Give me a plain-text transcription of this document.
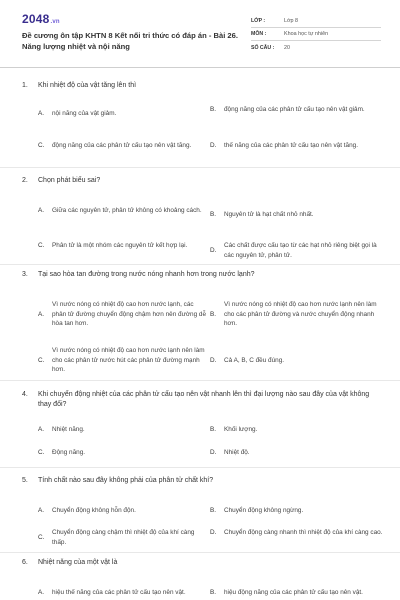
2048.vn
Đề cương ôn tập KHTN 8 Kết nối tri thức có đáp án - Bài 26. Năng lượng nhiệt và nội năng
LỚP :	Lớp 8
MÔN :	Khoa học tự nhiên
SỐ CÂU :	20
1.	Khi nhiệt độ của vật tăng lên thì
A.	nội năng của vật giảm.
B.	động năng của các phân tử cấu tạo nên vật giảm.
C.	động năng của các phân tử cấu tạo nên vật tăng.	D.	thế năng của các phân tử cấu tạo nên vật tăng.
2.	Chọn phát biểu sai?
A.	Giữa các nguyên tử, phân tử không có khoảng cách.
B.	Nguyên tử là hạt chất nhỏ nhất.
C.	Phân tử là một nhóm các nguyên tử kết hợp lại.
D.
Các chất được cấu tạo từ các hạt nhỏ riêng biệt gọi là các nguyên tử, phân tử.
3.	Tại sao hòa tan đường trong nước nóng nhanh hơn trong nước lạnh?
A.
Vì nước nóng có nhiệt độ cao hơn nước lạnh, các phân tử đường chuyển động chậm hơn nên đường dễ hòa tan hơn.
B.
Vì nước nóng có nhiệt độ cao hơn nước lạnh nên làm cho các phân tử đường và nước chuyển động nhanh hơn.
C.
Vì nước nóng có nhiệt độ cao hơn nước lạnh nên làm cho các phân tử nước hút các phân tử đường mạnh hơn.
D.	Cả A, B, C đều đúng.
4.	Khi chuyển động nhiệt của các phân tử cấu tạo nên vật nhanh lên thì đại lượng nào sau đây của vật không thay đổi?
A.	Nhiệt năng.	B.	Khối lượng.
C.	Động năng.	D.	Nhiệt độ.
5.	Tính chất nào sau đây không phải của phân tử chất khí?
A.	Chuyển động không hỗn độn.	B.	Chuyển động không ngừng.
C.
Chuyển động càng chậm thì nhiệt độ của khí càng thấp.
D.	Chuyển động càng nhanh thì nhiệt độ của khí càng cao.
6.	Nhiệt năng của một vật là
A.	hiệu thế năng của các phân tử cấu tạo nên vật.	B.	hiệu động năng của các phân tử cấu tạo nên vật.
